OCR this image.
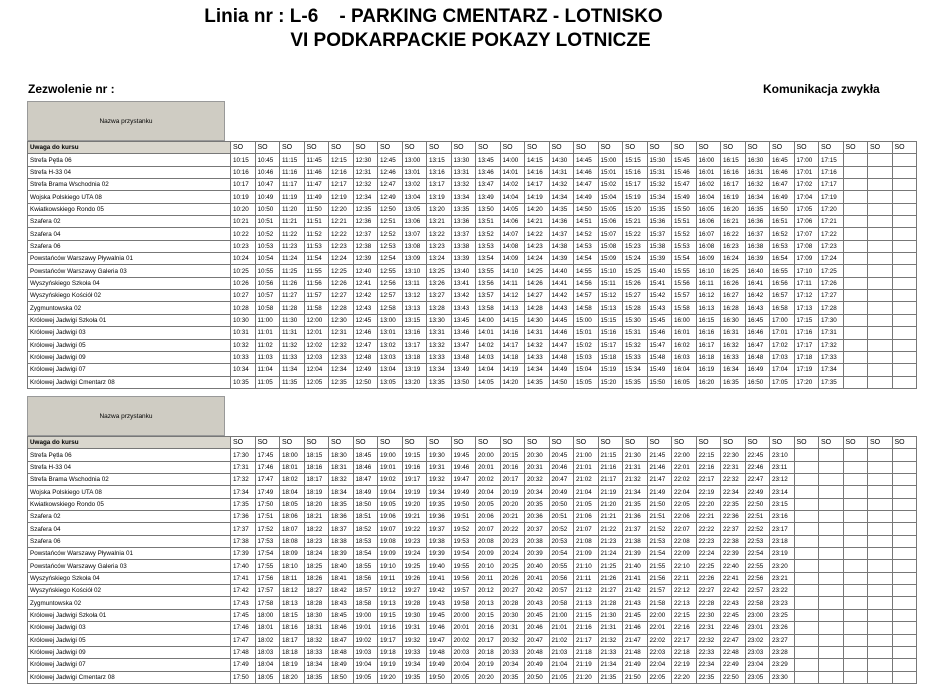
Linia nr : L-6    - PARKING CMENTARZ - LOTNISKO
VI PODKARPACKIE POKAZY LOTNICZE
Zezwolenie nr :	Komunikacja zwykła
Nazwa przystanku
Uwaga do kursu	SO	SO	SO	SO	SO	SO	SO	SO	SO	SO	SO	SO	SO	SO	SO	SO	SO	SO	SO	SO	SO	SO	SO	SO	SO	SO	SO	SO
Strefa Pętla 06	10:15	10:45	11:15	11:45	12:15	12:30	12:45	13:00	13:15	13:30	13:45	14:00	14:15	14:30	14:45	15:00	15:15	15:30	15:45	16:00	16:15	16:30	16:45	17:00	17:15			
Strefa H-33 04	10:16	10:46	11:16	11:46	12:16	12:31	12:46	13:01	13:16	13:31	13:46	14:01	14:16	14:31	14:46	15:01	15:16	15:31	15:46	16:01	16:16	16:31	16:46	17:01	17:16			
Strefa Brama Wschodnia 02	10:17	10:47	11:17	11:47	12:17	12:32	12:47	13:02	13:17	13:32	13:47	14:02	14:17	14:32	14:47	15:02	15:17	15:32	15:47	16:02	16:17	16:32	16:47	17:02	17:17			
Wojska Polskiego UTA 08	10:19	10:49	11:19	11:49	12:19	12:34	12:49	13:04	13:19	13:34	13:49	14:04	14:19	14:34	14:49	15:04	15:19	15:34	15:49	16:04	16:19	16:34	16:49	17:04	17:19			
Kwiatkowskiego Rondo 05	10:20	10:50	11:20	11:50	12:20	12:35	12:50	13:05	13:20	13:35	13:50	14:05	14:20	14:35	14:50	15:05	15:20	15:35	15:50	16:05	16:20	16:35	16:50	17:05	17:20			
Szafera 02	10:21	10:51	11:21	11:51	12:21	12:36	12:51	13:06	13:21	13:36	13:51	14:06	14:21	14:36	14:51	15:06	15:21	15:36	15:51	16:06	16:21	16:36	16:51	17:06	17:21			
Szafera 04	10:22	10:52	11:22	11:52	12:22	12:37	12:52	13:07	13:22	13:37	13:52	14:07	14:22	14:37	14:52	15:07	15:22	15:37	15:52	16:07	16:22	16:37	16:52	17:07	17:22			
Szafera 06	10:23	10:53	11:23	11:53	12:23	12:38	12:53	13:08	13:23	13:38	13:53	14:08	14:23	14:38	14:53	15:08	15:23	15:38	15:53	16:08	16:23	16:38	16:53	17:08	17:23			
Powstańców Warszawy Pływalnia 01	10:24	10:54	11:24	11:54	12:24	12:39	12:54	13:09	13:24	13:39	13:54	14:09	14:24	14:39	14:54	15:09	15:24	15:39	15:54	16:09	16:24	16:39	16:54	17:09	17:24			
Powstańców Warszawy Galeria 03	10:25	10:55	11:25	11:55	12:25	12:40	12:55	13:10	13:25	13:40	13:55	14:10	14:25	14:40	14:55	15:10	15:25	15:40	15:55	16:10	16:25	16:40	16:55	17:10	17:25			
Wyszyńskiego Szkoła 04	10:26	10:56	11:26	11:56	12:26	12:41	12:56	13:11	13:26	13:41	13:56	14:11	14:26	14:41	14:56	15:11	15:26	15:41	15:56	16:11	16:26	16:41	16:56	17:11	17:26			
Wyszyńskiego Kościół 02	10:27	10:57	11:27	11:57	12:27	12:42	12:57	13:12	13:27	13:42	13:57	14:12	14:27	14:42	14:57	15:12	15:27	15:42	15:57	16:12	16:27	16:42	16:57	17:12	17:27			
Zygmuntowska 02	10:28	10:58	11:28	11:58	12:28	12:43	12:58	13:13	13:28	13:43	13:58	14:13	14:28	14:43	14:58	15:13	15:28	15:43	15:58	16:13	16:28	16:43	16:58	17:13	17:28			
Królowej Jadwigi Szkoła 01	10:30	11:00	11:30	12:00	12:30	12:45	13:00	13:15	13:30	13:45	14:00	14:15	14:30	14:45	15:00	15:15	15:30	15:45	16:00	16:15	16:30	16:45	17:00	17:15	17:30			
Królowej Jadwigi 03	10:31	11:01	11:31	12:01	12:31	12:46	13:01	13:16	13:31	13:46	14:01	14:16	14:31	14:46	15:01	15:16	15:31	15:46	16:01	16:16	16:31	16:46	17:01	17:16	17:31			
Królowej Jadwigi 05	10:32	11:02	11:32	12:02	12:32	12:47	13:02	13:17	13:32	13:47	14:02	14:17	14:32	14:47	15:02	15:17	15:32	15:47	16:02	16:17	16:32	16:47	17:02	17:17	17:32			
Królowej Jadwigi 09	10:33	11:03	11:33	12:03	12:33	12:48	13:03	13:18	13:33	13:48	14:03	14:18	14:33	14:48	15:03	15:18	15:33	15:48	16:03	16:18	16:33	16:48	17:03	17:18	17:33			
Królowej Jadwigi 07	10:34	11:04	11:34	12:04	12:34	12:49	13:04	13:19	13:34	13:49	14:04	14:19	14:34	14:49	15:04	15:19	15:34	15:49	16:04	16:19	16:34	16:49	17:04	17:19	17:34			
Królowej Jadwigi Cmentarz 08	10:35	11:05	11:35	12:05	12:35	12:50	13:05	13:20	13:35	13:50	14:05	14:20	14:35	14:50	15:05	15:20	15:35	15:50	16:05	16:20	16:35	16:50	17:05	17:20	17:35			
Nazwa przystanku
Uwaga do kursu	SO	SO	SO	SO	SO	SO	SO	SO	SO	SO	SO	SO	SO	SO	SO	SO	SO	SO	SO	SO	SO	SO	SO	SO	SO	SO	SO	SO
Strefa Pętla 06	17:30	17:45	18:00	18:15	18:30	18:45	19:00	19:15	19:30	19:45	20:00	20:15	20:30	20:45	21:00	21:15	21:30	21:45	22:00	22:15	22:30	22:45	23:10					
Strefa H-33 04	17:31	17:46	18:01	18:16	18:31	18:46	19:01	19:16	19:31	19:46	20:01	20:16	20:31	20:46	21:01	21:16	21:31	21:46	22:01	22:16	22:31	22:46	23:11					
Strefa Brama Wschodnia 02	17:32	17:47	18:02	18:17	18:32	18:47	19:02	19:17	19:32	19:47	20:02	20:17	20:32	20:47	21:02	21:17	21:32	21:47	22:02	22:17	22:32	22:47	23:12					
Wojska Polskiego UTA 08	17:34	17:49	18:04	18:19	18:34	18:49	19:04	19:19	19:34	19:49	20:04	20:19	20:34	20:49	21:04	21:19	21:34	21:49	22:04	22:19	22:34	22:49	23:14					
Kwiatkowskiego Rondo 05	17:35	17:50	18:05	18:20	18:35	18:50	19:05	19:20	19:35	19:50	20:05	20:20	20:35	20:50	21:05	21:20	21:35	21:50	22:05	22:20	22:35	22:50	23:15					
Szafera 02	17:36	17:51	18:06	18:21	18:36	18:51	19:06	19:21	19:36	19:51	20:06	20:21	20:36	20:51	21:06	21:21	21:36	21:51	22:06	22:21	22:36	22:51	23:16					
Szafera 04	17:37	17:52	18:07	18:22	18:37	18:52	19:07	19:22	19:37	19:52	20:07	20:22	20:37	20:52	21:07	21:22	21:37	21:52	22:07	22:22	22:37	22:52	23:17					
Szafera 06	17:38	17:53	18:08	18:23	18:38	18:53	19:08	19:23	19:38	19:53	20:08	20:23	20:38	20:53	21:08	21:23	21:38	21:53	22:08	22:23	22:38	22:53	23:18					
Powstańców Warszawy Pływalnia 01	17:39	17:54	18:09	18:24	18:39	18:54	19:09	19:24	19:39	19:54	20:09	20:24	20:39	20:54	21:09	21:24	21:39	21:54	22:09	22:24	22:39	22:54	23:19					
Powstańców Warszawy Galeria 03	17:40	17:55	18:10	18:25	18:40	18:55	19:10	19:25	19:40	19:55	20:10	20:25	20:40	20:55	21:10	21:25	21:40	21:55	22:10	22:25	22:40	22:55	23:20					
Wyszyńskiego Szkoła 04	17:41	17:56	18:11	18:26	18:41	18:56	19:11	19:26	19:41	19:56	20:11	20:26	20:41	20:56	21:11	21:26	21:41	21:56	22:11	22:26	22:41	22:56	23:21					
Wyszyńskiego Kościół 02	17:42	17:57	18:12	18:27	18:42	18:57	19:12	19:27	19:42	19:57	20:12	20:27	20:42	20:57	21:12	21:27	21:42	21:57	22:12	22:27	22:42	22:57	23:22					
Zygmuntowska 02	17:43	17:58	18:13	18:28	18:43	18:58	19:13	19:28	19:43	19:58	20:13	20:28	20:43	20:58	21:13	21:28	21:43	21:58	22:13	22:28	22:43	22:58	23:23					
Królowej Jadwigi Szkoła 01	17:45	18:00	18:15	18:30	18:45	19:00	19:15	19:30	19:45	20:00	20:15	20:30	20:45	21:00	21:15	21:30	21:45	22:00	22:15	22:30	22:45	23:00	23:25					
Królowej Jadwigi 03	17:46	18:01	18:16	18:31	18:46	19:01	19:16	19:31	19:46	20:01	20:16	20:31	20:46	21:01	21:16	21:31	21:46	22:01	22:16	22:31	22:46	23:01	23:26					
Królowej Jadwigi 05	17:47	18:02	18:17	18:32	18:47	19:02	19:17	19:32	19:47	20:02	20:17	20:32	20:47	21:02	21:17	21:32	21:47	22:02	22:17	22:32	22:47	23:02	23:27					
Królowej Jadwigi 09	17:48	18:03	18:18	18:33	18:48	19:03	19:18	19:33	19:48	20:03	20:18	20:33	20:48	21:03	21:18	21:33	21:48	22:03	22:18	22:33	22:48	23:03	23:28					
Królowej Jadwigi 07	17:49	18:04	18:19	18:34	18:49	19:04	19:19	19:34	19:49	20:04	20:19	20:34	20:49	21:04	21:19	21:34	21:49	22:04	22:19	22:34	22:49	23:04	23:29					
Królowej Jadwigi Cmentarz 08	17:50	18:05	18:20	18:35	18:50	19:05	19:20	19:35	19:50	20:05	20:20	20:35	20:50	21:05	21:20	21:35	21:50	22:05	22:20	22:35	22:50	23:05	23:30					
